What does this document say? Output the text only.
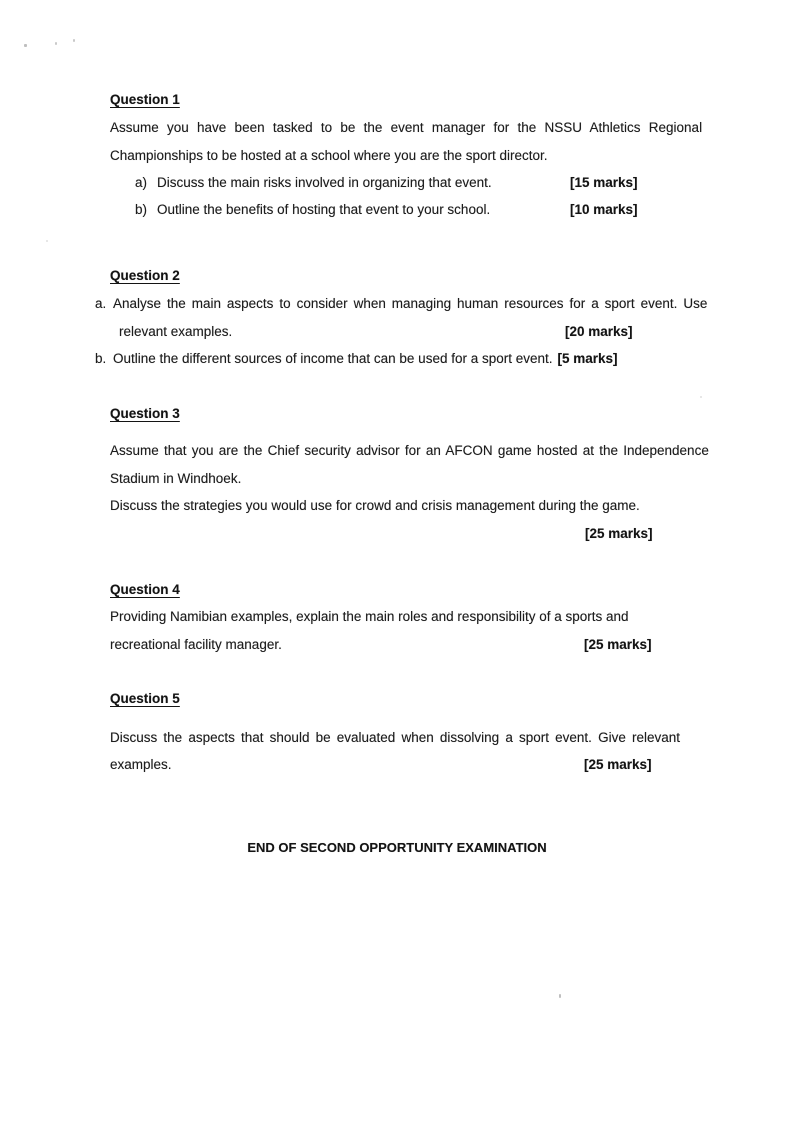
Question 1
Assume you have been tasked to be the event manager for the NSSU Athletics Regional
Championships to be hosted at a school where you are the sport director.
a) Discuss the main risks involved in organizing that event.	[15 marks]
b) Outline the benefits of hosting that event to your school.	[10 marks]
Question 2
a. Analyse the main aspects to consider when managing human resources for a sport event. Use
relevant examples.	[20 marks]
b. Outline the different sources of income that can be used for a sport event. [5 marks]
Question 3
Assume that you are the Chief security advisor for an AFCON game hosted at the Independence
Stadium in Windhoek.
Discuss the strategies you would use for crowd and crisis management during the game.
[25 marks]
Question 4
Providing Namibian examples, explain the main roles and responsibility of a sports and
recreational facility manager.	[25 marks]
Question 5
Discuss the aspects that should be evaluated when dissolving a sport event. Give relevant
examples.	[25 marks]
END OF SECOND OPPORTUNITY EXAMINATION
